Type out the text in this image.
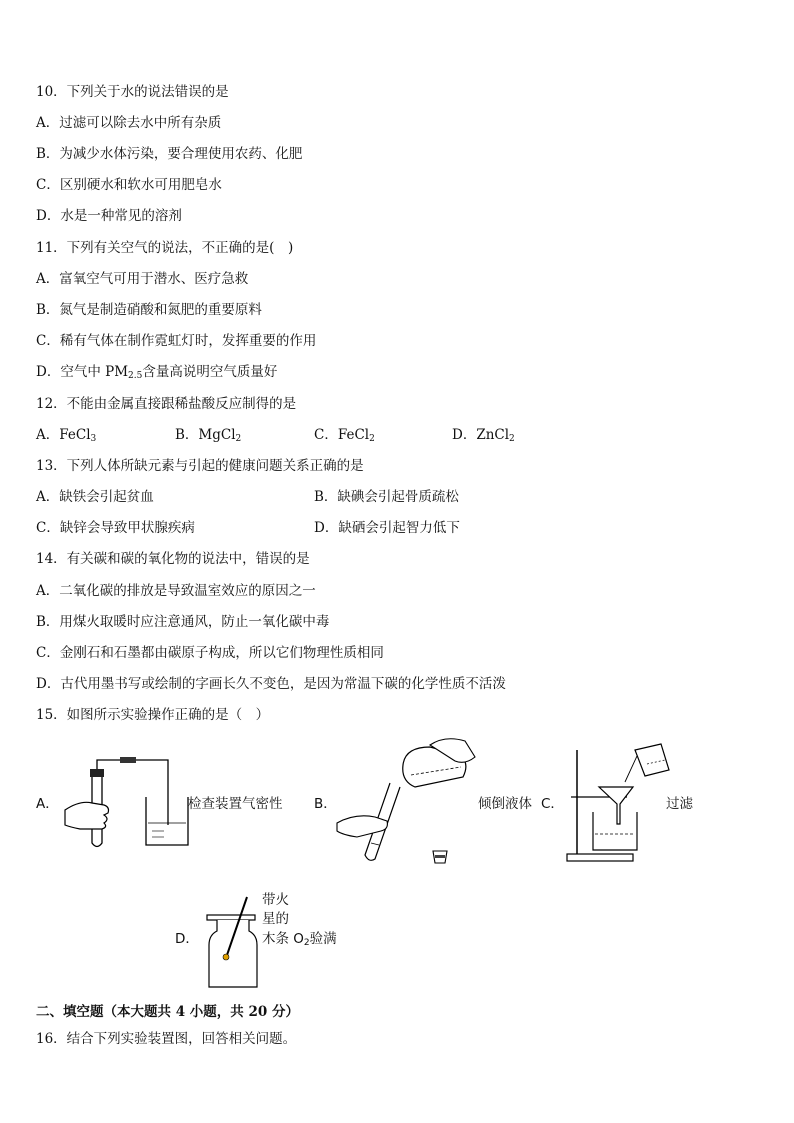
10．下列关于水的说法错误的是
A．过滤可以除去水中所有杂质
B．为减少水体污染，要合理使用农药、化肥
C．区别硬水和软水可用肥皂水
D．水是一种常见的溶剂
11．下列有关空气的说法，不正确的是(　)
A．富氧空气可用于潜水、医疗急救
B．氮气是制造硝酸和氮肥的重要原料
C．稀有气体在制作霓虹灯时，发挥重要的作用
D．空气中 $PM_{2.5}$含量高说明空气质量好
12．不能由金属直接跟稀盐酸反应制得的是
A．FeCl$_3$	B．MgCl$_2$	C．FeCl$_2$	D．ZnCl$_2$
13．下列人体所缺元素与引起的健康问题关系正确的是
A．缺铁会引起贫血	B．缺碘会引起骨质疏松
C．缺锌会导致甲状腺疾病	D．缺硒会引起智力低下
14．有关碳和碳的氧化物的说法中，错误的是
A．二氧化碳的排放是导致温室效应的原因之一
B．用煤火取暖时应注意通风，防止一氧化碳中毒
C．金刚石和石墨都由碳原子构成，所以它们物理性质相同
D．古代用墨书写或绘制的字画长久不变色，是因为常温下碳的化学性质不活泼
15．如图所示实验操作正确的是（　）
A．	检查装置气密性 B．	倾倒液体 C．	过滤
D．
带火
星的
木条 $O_2$验满
二、填空题（本大题共 4 小题，共 20 分）
16．结合下列实验装置图，回答相关问题。
